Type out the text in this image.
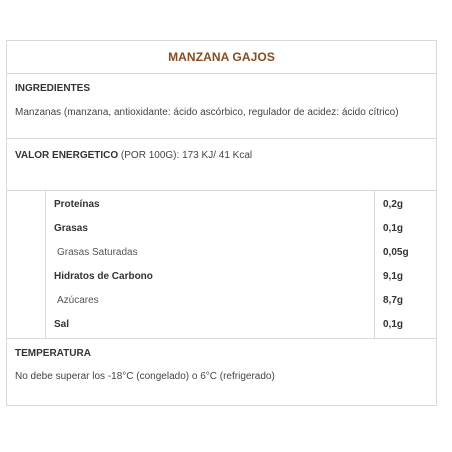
MANZANA GAJOS
INGREDIENTES
Manzanas (manzana, antioxidante: ácido ascórbico, regulador de acidez: ácido cítrico)
VALOR ENERGETICO (POR 100G): 173 KJ/ 41 Kcal
Proteínas	0,2g
Grasas	0,1g
Grasas Saturadas	0,05g
Hidratos de Carbono	9,1g
Azúcares	8,7g
Sal	0,1g
TEMPERATURA
No debe superar los -18°C (congelado) o 6°C (refrigerado)
